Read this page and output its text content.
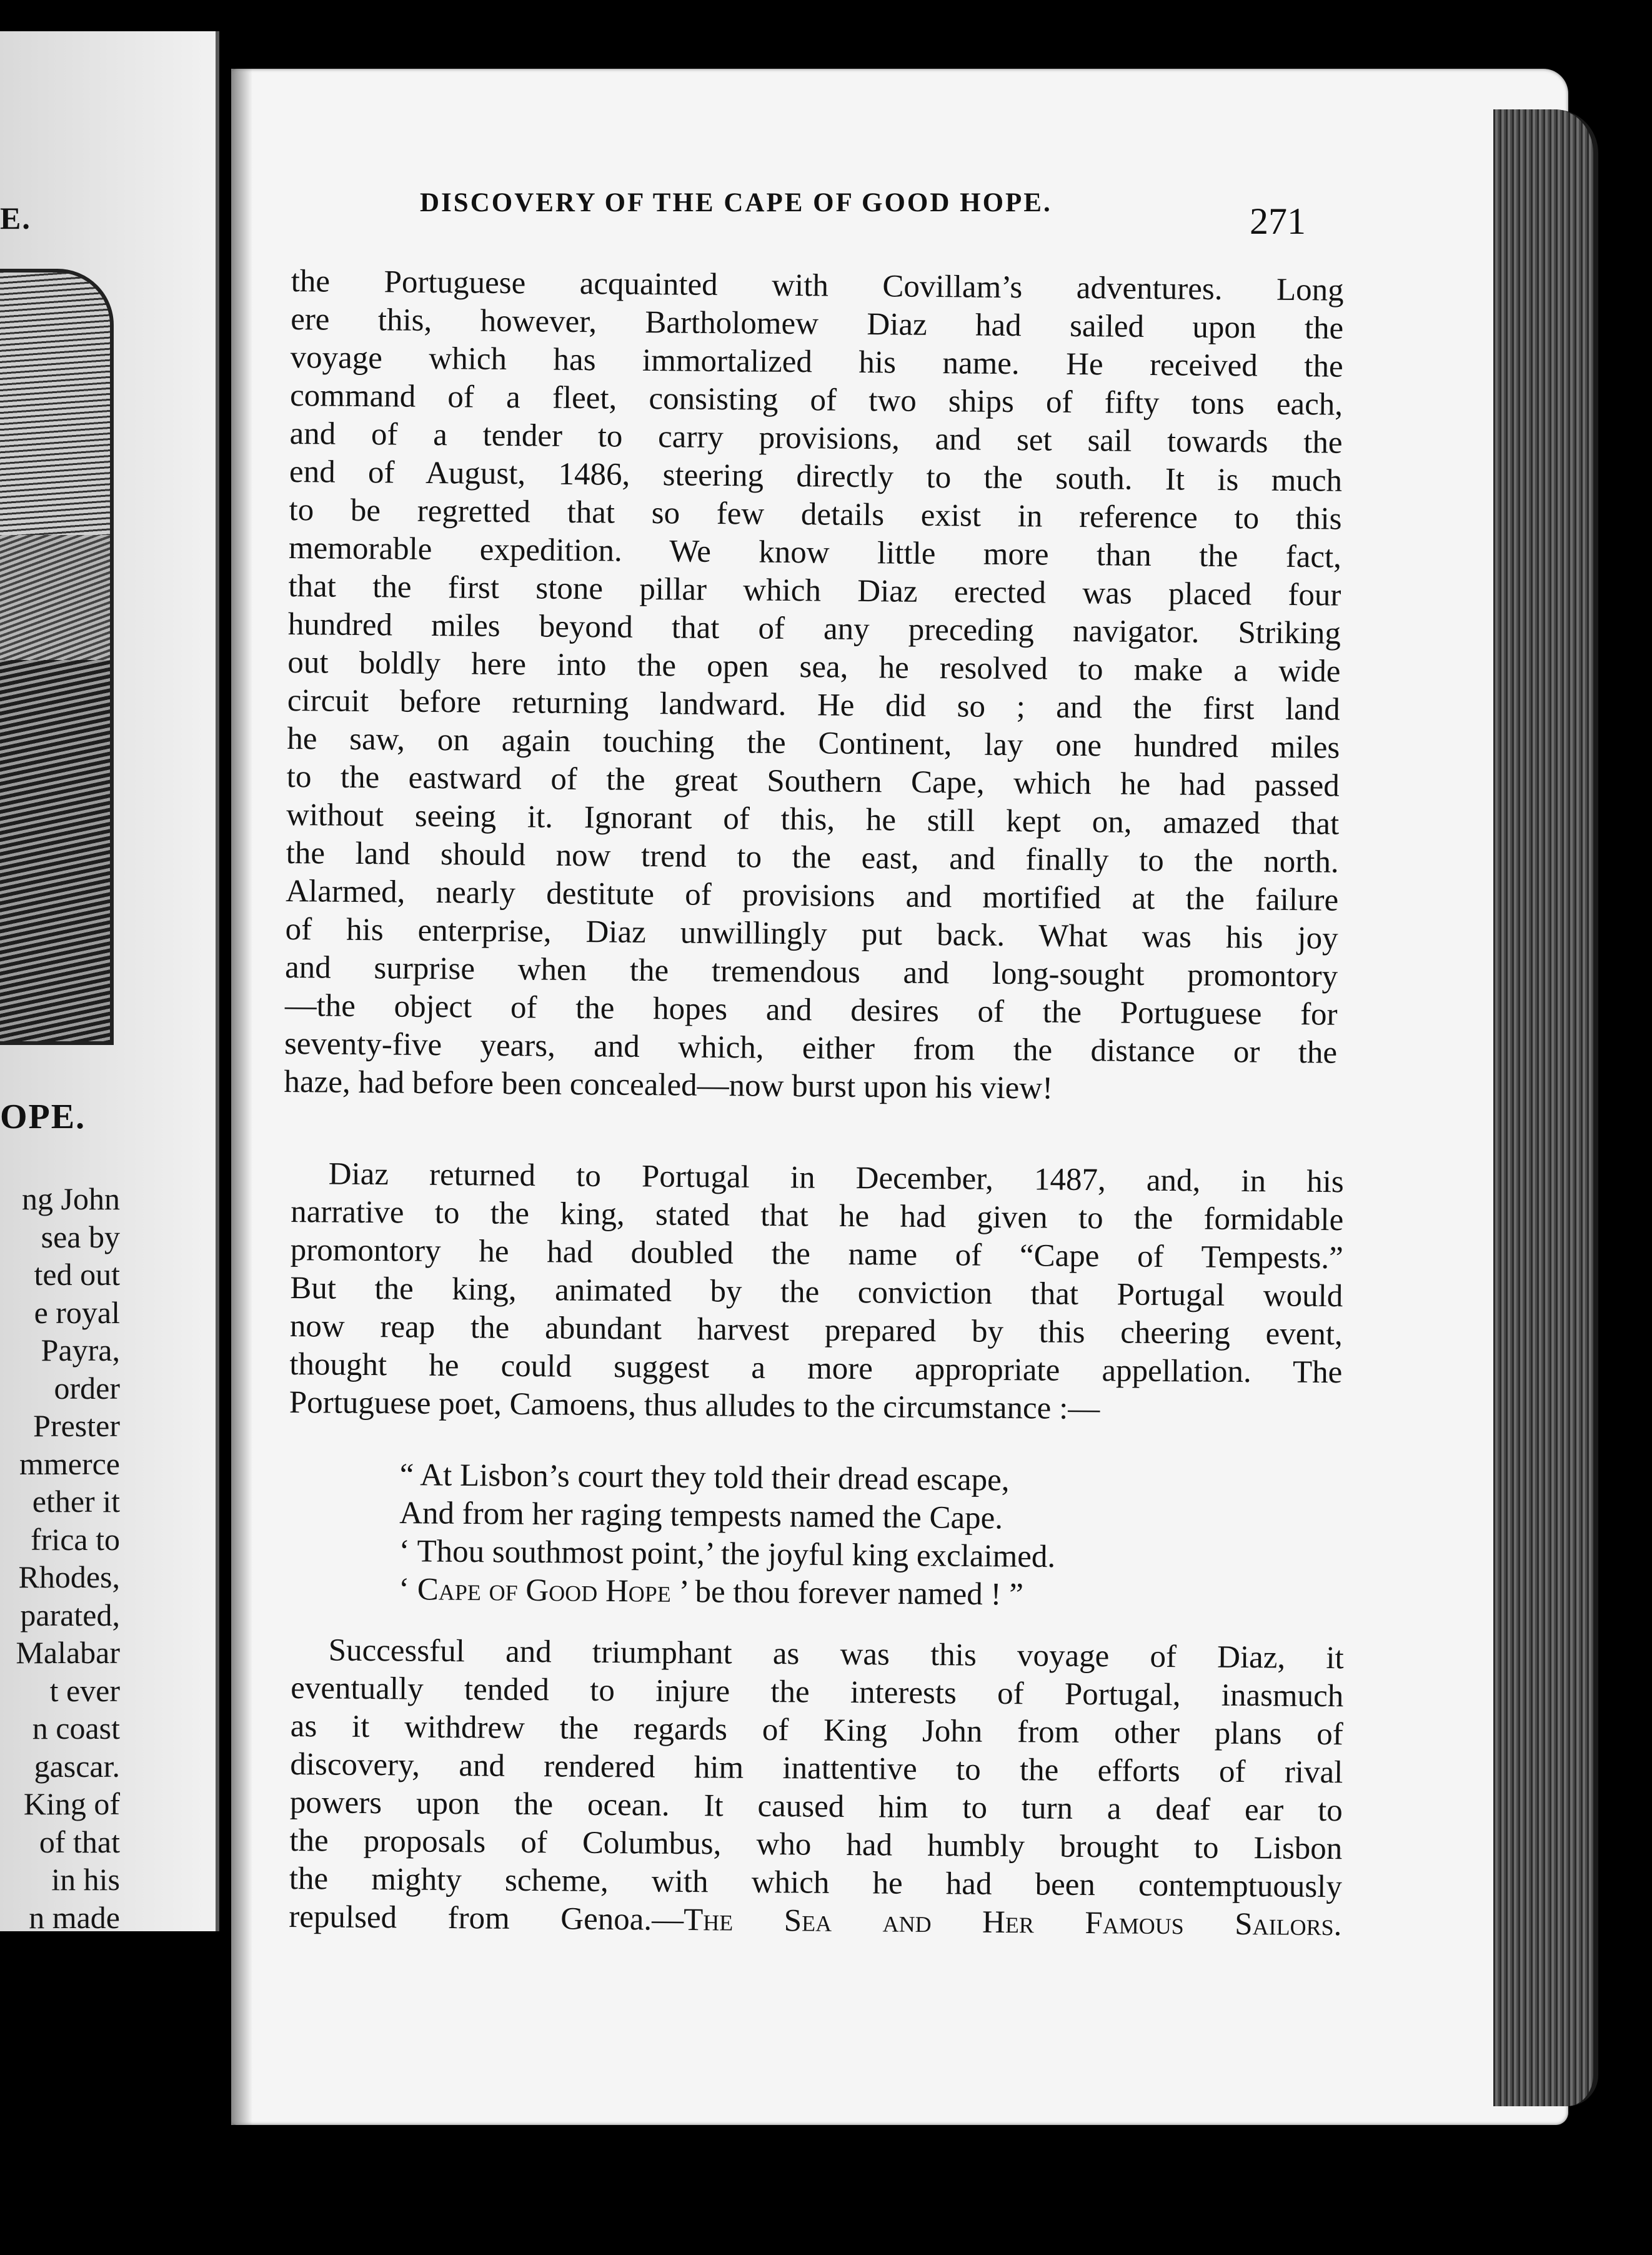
E.
OPE.
ng John
sea by
ted out
e royal
Payra,
order
Prester
mmerce
ether it
frica to
Rhodes,
parated,
Malabar
t ever
n coast
gascar.
King of
of that
in his
n made
DISCOVERY OF THE CAPE OF GOOD HOPE.	271
the Portuguese acquainted with Covillam’s adventures. Long
ere this, however, Bartholomew Diaz had sailed upon the
voyage which has immortalized his name. He received the
command of a fleet, consisting of two ships of fifty tons each,
and of a tender to carry provisions, and set sail towards the
end of August, 1486, steering directly to the south. It is much
to be regretted that so few details exist in reference to this
memorable expedition. We know little more than the fact,
that the first stone pillar which Diaz erected was placed four
hundred miles beyond that of any preceding navigator. Striking
out boldly here into the open sea, he resolved to make a wide
circuit before returning landward. He did so ; and the first land
he saw, on again touching the Continent, lay one hundred miles
to the eastward of the great Southern Cape, which he had passed
without seeing it. Ignorant of this, he still kept on, amazed that
the land should now trend to the east, and finally to the north.
Alarmed, nearly destitute of provisions and mortified at the failure
of his enterprise, Diaz unwillingly put back. What was his joy
and surprise when the tremendous and long-sought promontory
—the object of the hopes and desires of the Portuguese for
seventy-five years, and which, either from the distance or the
haze, had before been concealed—now burst upon his view!
Diaz returned to Portugal in December, 1487, and, in his
narrative to the king, stated that he had given to the formidable
promontory he had doubled the name of “Cape of Tempests.”
But the king, animated by the conviction that Portugal would
now reap the abundant harvest prepared by this cheering event,
thought he could suggest a more appropriate appellation. The
Portuguese poet, Camoens, thus alludes to the circumstance :—
“ At Lisbon’s court they told their dread escape,
And from her raging tempests named the Cape.
‘ Thou southmost point,’ the joyful king exclaimed.
‘ Cape of Good Hope ’ be thou forever named ! ”
Successful and triumphant as was this voyage of Diaz, it
eventually tended to injure the interests of Portugal, inasmuch
as it withdrew the regards of King John from other plans of
discovery, and rendered him inattentive to the efforts of rival
powers upon the ocean. It caused him to turn a deaf ear to
the proposals of Columbus, who had humbly brought to Lisbon
the mighty scheme, with which he had been contemptuously
repulsed from Genoa.—The Sea and Her Famous Sailors.
